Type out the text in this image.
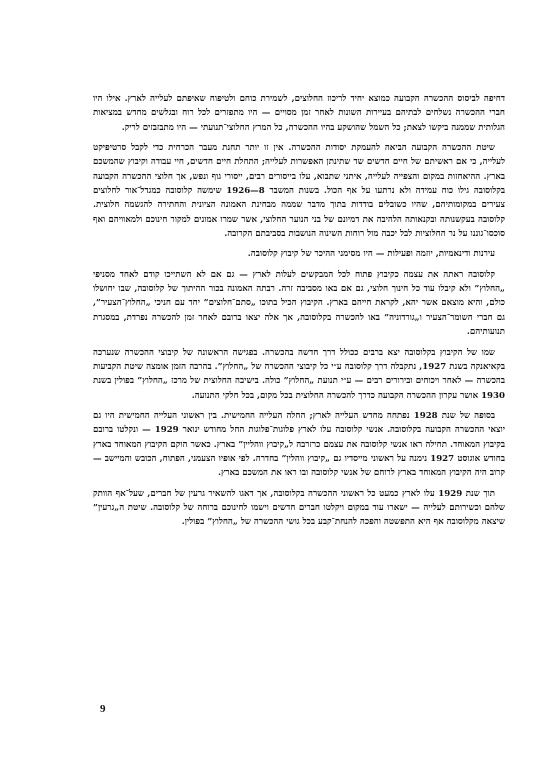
דחיפה לביסוס ההכשרה הקבועה כמוצא יחיד לריכוז החלוצים, לשמירת כוחם ולטיפוח שאיפתם לעלייה לארץ. אילו היו חברי ההכשרה נשלחים לבתיהם בעיירות השונות לאחר זמן מסויים — היו מתפזרים לכל רוח ובגלשים מחדש במציאות הגלותית שממנה ביקשו לצאת; כל השמל שהושקע בהיו ההכשרה, כל המרץ החלוצי־תנועתי — היו מתבזבזים לריק.

שיטת ההכשרה הקבועה הביאה להעמקת יסודות ההכשרה. אין זו יותר תחנת מעבר הכרחית כדי לקבל סרטיפיקט לעלייה, כי אם ראשיתם של חיים חדשים שד שתינתן האפשרות לעלייה; התחלת חיים חדשים, חיי עבודה וקיבוץ שהמשכם בארץ. ההיאחזות במקום והצפייה לעלייה, איתני שתבוא, עלו בייסורים רבים, ייסורי גוף ונפש, אך חלוצי ההכשרה הקבועה בקלוסובה גילו כוח עמידה ולא נרתעו על אף הכול. בשנות המשבר 8—1926 שימשה קלוסובה כמגדל־אור לחלוצים צעירים במקומותיהם, שהיו כשובלים בודדות בתוך מדבר שממה מבחינת האמונה הציונית והחתירה להגשמה חלוצית. קלוסובה בעקשנותה ובקנאותה הלהיבה את דמיונם של בני הנוער החלוצי, אשר שמרו אמונים למקור חינוכם ולמאוויהם ואף סוכסו־גוננו על נר החלוציות לבל יכבה מול רוחות השינוה הנושבות בסביבתם הקרובה.

עירנות ודינאמיות, יוזמה ופעילות — היו מסימני ההיכר של קיבוץ קלוסובה.

קלוסובה ראתה את עצמה כקיבוץ פתוח לכל המבקשים לעלות לארץ — גם אם לא השתייכו קודם לאחד מסניפי „החלוץ” ולא קיבלו עוד כל חינוך חלוצי, גם אם באו מסביבה זרה. רבתה האמונה בכור ההיתוך של קלוסובה, שבו יחושלו כולם, והיא מוצאם אשר יהא, לקראת חייהם בארץ. הקיבוץ הכיל בתוכו „סתם־חלוצים” יחד עם חניכי „החלוץ־הצעיר”, גם חברי השומר־הצעיר ו„גורדוניה” באו להכשרה בקלוסובה, אך אלה יצאו ברובם לאחר זמן להכשרה נפרדת, במסגרת תנועותיהם.

שמו של הקיבוץ בקלוסובה יצא ברבים ככולל דרך חדשה בהכשרה. בפגישה הראשונה של קיבוצי ההכשרה שנערכה בקאיאנקה בשנת 1927, נתקבלה דרך קלוסובה ע״י כל קיבוצי ההכשרה של „החלוץ”. בהרבה הזמן אומצה שיטת הקביעות בהכשרה — לאחר ויכוחים ובירורים רבים — ע״י תנועת „החלוץ” כולה. בישיבה החלוצית של מרכז „החלוץ” בפולין בשנת 1930 אושר עקרון ההכשרה הקבועה כדרך להכשרה החלוצית בכל מקום, בכל חלקי התנועה.

בסופה של שנת 1928 נפתחה מחדש העלייה לארץ; החלה העלייה החמישית. בין ראשוני העלייה החמישית היו גם יוצאי ההכשרה הקבועה בקלוסובה. אנשי קלוסובה עלו לארץ פלוגות־פלוגות החל מחודש ינואר 1929 — ונקלטו ברובם בקיבוץ המאוחד. תחילה ראו אנשי קלוסובה את עצמם כרזרבה ל„קיבוץ ווהליין” בארץ. כאשר הוקם הקיבוץ המאוחד בארץ בחודש אוגוסט 1927 נימנה על ראשוני מייסדיו גם „קיבוץ ווהלין” בחדרה. לפי אופיו הצעמני, הפתוח, הכובש והמיישב — קרוב היה הקיבוץ המאוחד בארץ לרוחם של אנשי קלוסובה ובו ראו את המשכם בארץ.

תוך שנת 1929 עלו לארץ כמעט כל ראשוני ההכשרה בקלוסובה, אך דאגו להשאיר גרעין של חברים, שעל־אף הוותק שלהם וכשירותם לעלייה — ישארו עוד במקום ויקלטו חברים חדשים וישמו לחינוכם ברוחה של קלוסובה. שיטת ה„גרעין” שיצאה מקלוסובה אף היא התפשטה והפכה להנחת־קבע בכל גושי ההכשרה של „החלוץ” בפולין.

9
